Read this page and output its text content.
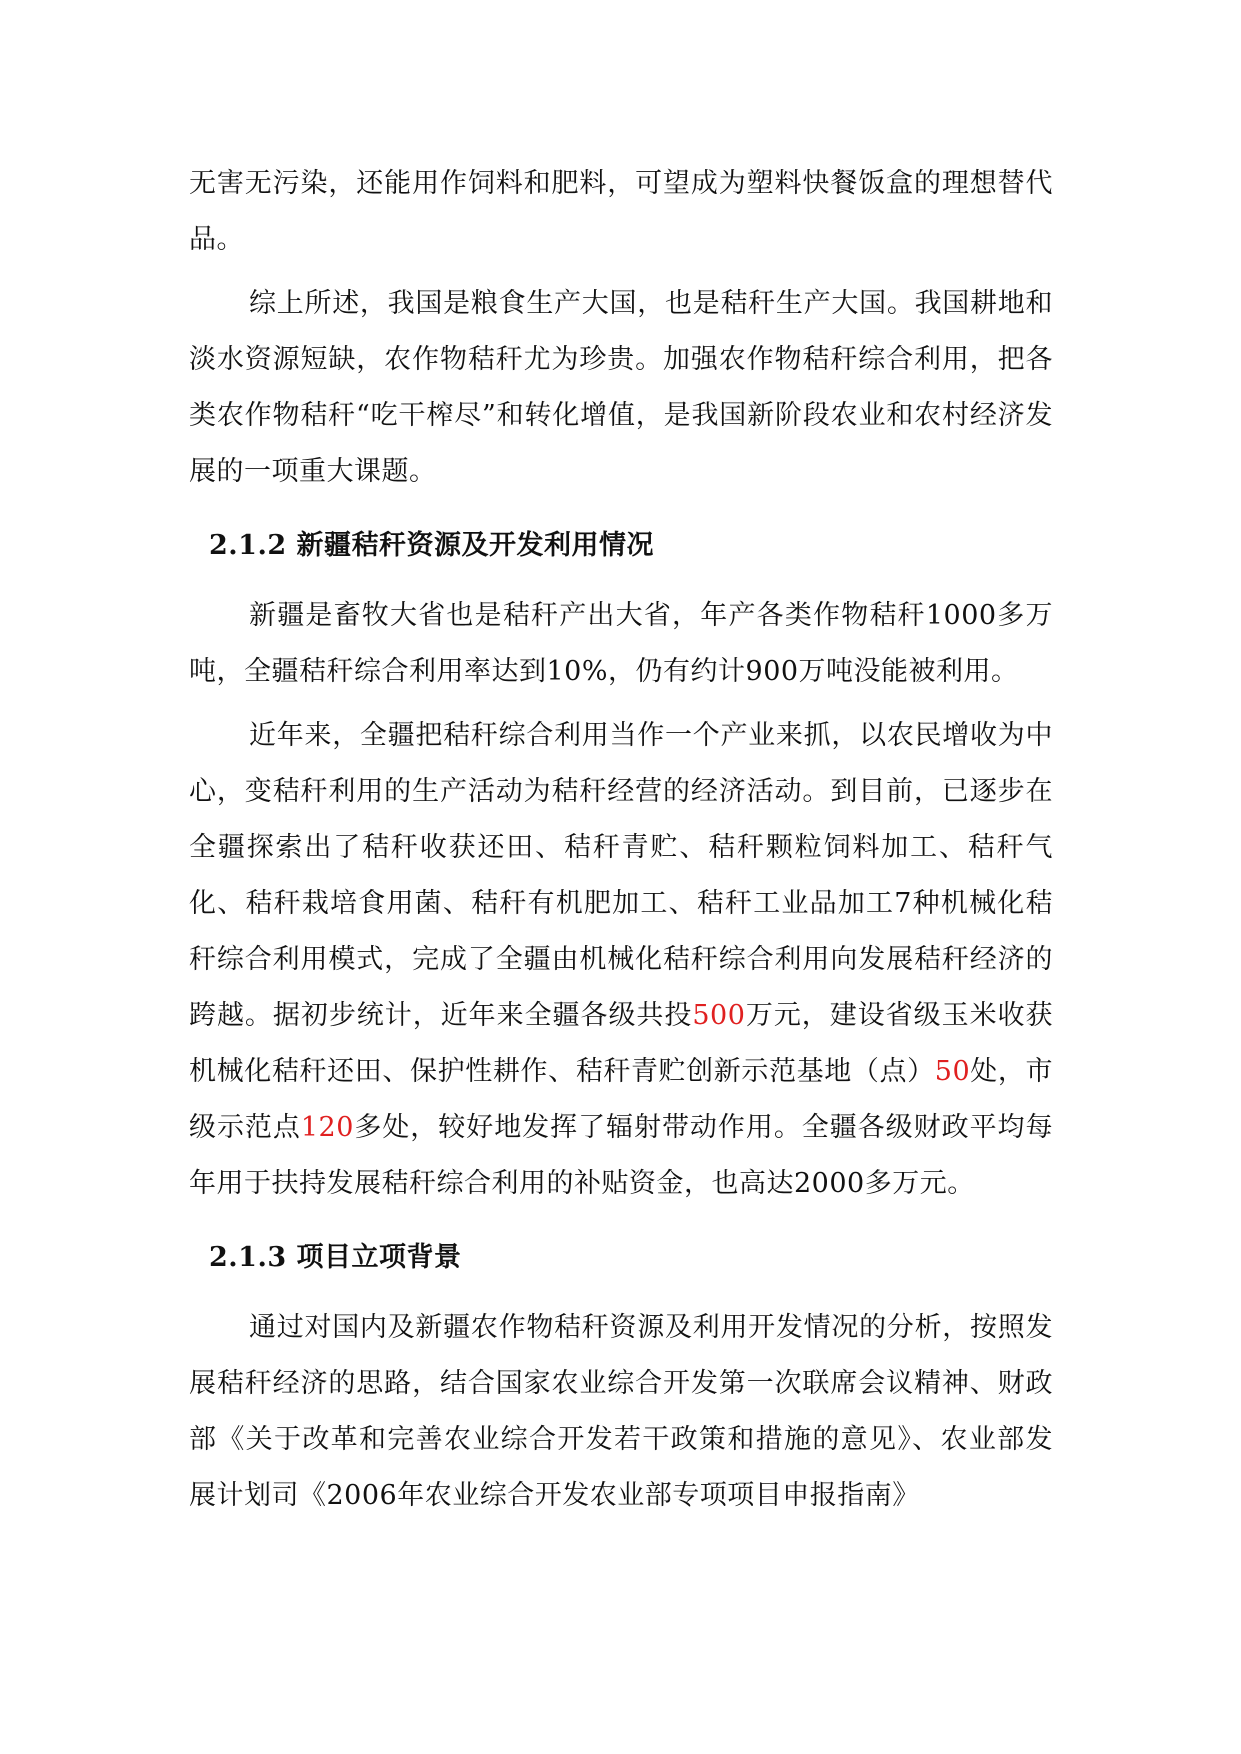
无害无污染，还能用作饲料和肥料，可望成为塑料快餐饭盒的理想替代品。

综上所述，我国是粮食生产大国，也是秸秆生产大国。我国耕地和淡水资源短缺，农作物秸秆尤为珍贵。加强农作物秸秆综合利用，把各类农作物秸秆“吃干榨尽”和转化增值，是我国新阶段农业和农村经济发展的一项重大课题。

2.1.2 新疆秸秆资源及开发利用情况

新疆是畜牧大省也是秸秆产出大省，年产各类作物秸秆1000多万吨，全疆秸秆综合利用率达到10%，仍有约计900万吨没能被利用。

近年来，全疆把秸秆综合利用当作一个产业来抓，以农民增收为中心，变秸秆利用的生产活动为秸秆经营的经济活动。到目前，已逐步在全疆探索出了秸秆收获还田、秸秆青贮、秸秆颗粒饲料加工、秸秆气化、秸秆栽培食用菌、秸秆有机肥加工、秸秆工业品加工7种机械化秸秆综合利用模式，完成了全疆由机械化秸秆综合利用向发展秸秆经济的跨越。据初步统计，近年来全疆各级共投500万元，建设省级玉米收获机械化秸秆还田、保护性耕作、秸秆青贮创新示范基地（点）50处，市级示范点120多处，较好地发挥了辐射带动作用。全疆各级财政平均每年用于扶持发展秸秆综合利用的补贴资金，也高达2000多万元。

2.1.3 项目立项背景

通过对国内及新疆农作物秸秆资源及利用开发情况的分析，按照发展秸秆经济的思路，结合国家农业综合开发第一次联席会议精神、财政部《关于改革和完善农业综合开发若干政策和措施的意见》、农业部发展计划司《2006年农业综合开发农业部专项项目申报指南》
